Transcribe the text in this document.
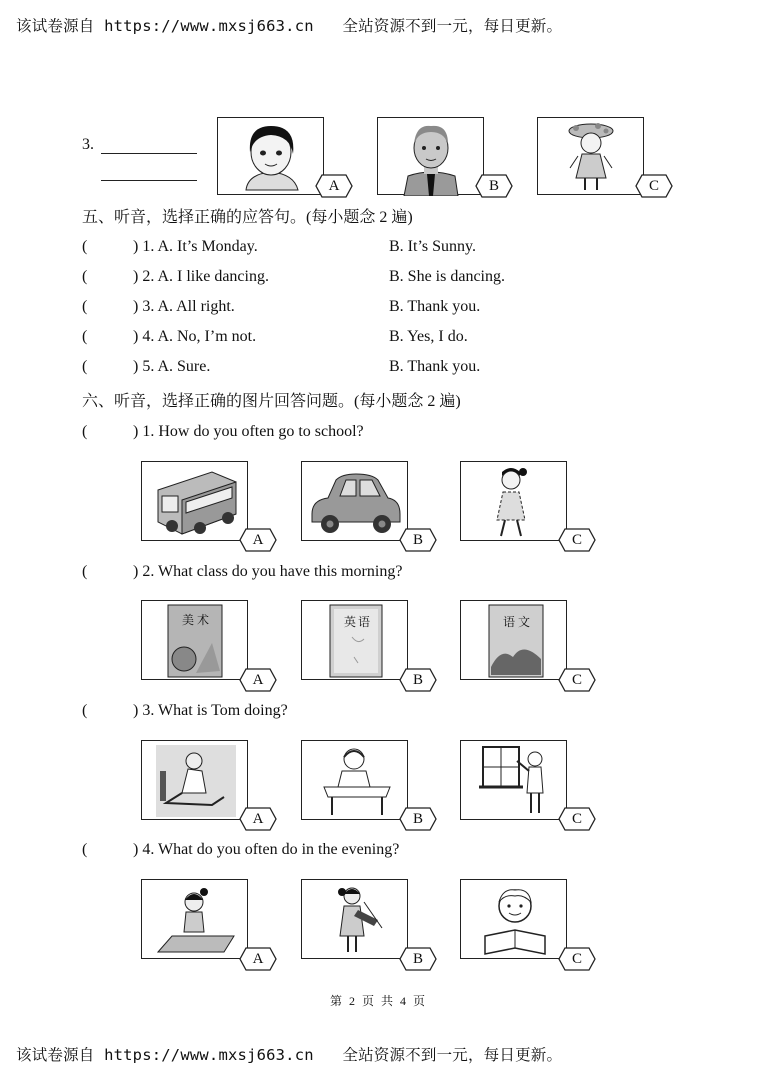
该试卷源自 https://www.mxsj663.cn 全站资源不到一元，每日更新。
3.
A	B	C
五、听音，选择正确的应答句。(每小题念 2 遍)
(	) 1. A. It’s Monday.	B. It’s Sunny.
(	) 2. A. I like dancing.	B. She is dancing.
(	) 3. A. All right.	B. Thank you.
(	) 4. A. No, I’m not.	B. Yes, I do.
(	) 5. A. Sure.	B. Thank you.
六、听音，选择正确的图片回答问题。(每小题念 2 遍)
(	) 1. How do you often go to school?
A	B	C
(	) 2. What class do you have this morning?
美术
A
英语
B
语文
C
(	) 3. What is Tom doing?
A	B	C
(	) 4. What do you often do in the evening?
A	B	C
第 2 页 共 4 页
该试卷源自 https://www.mxsj663.cn 全站资源不到一元，每日更新。
